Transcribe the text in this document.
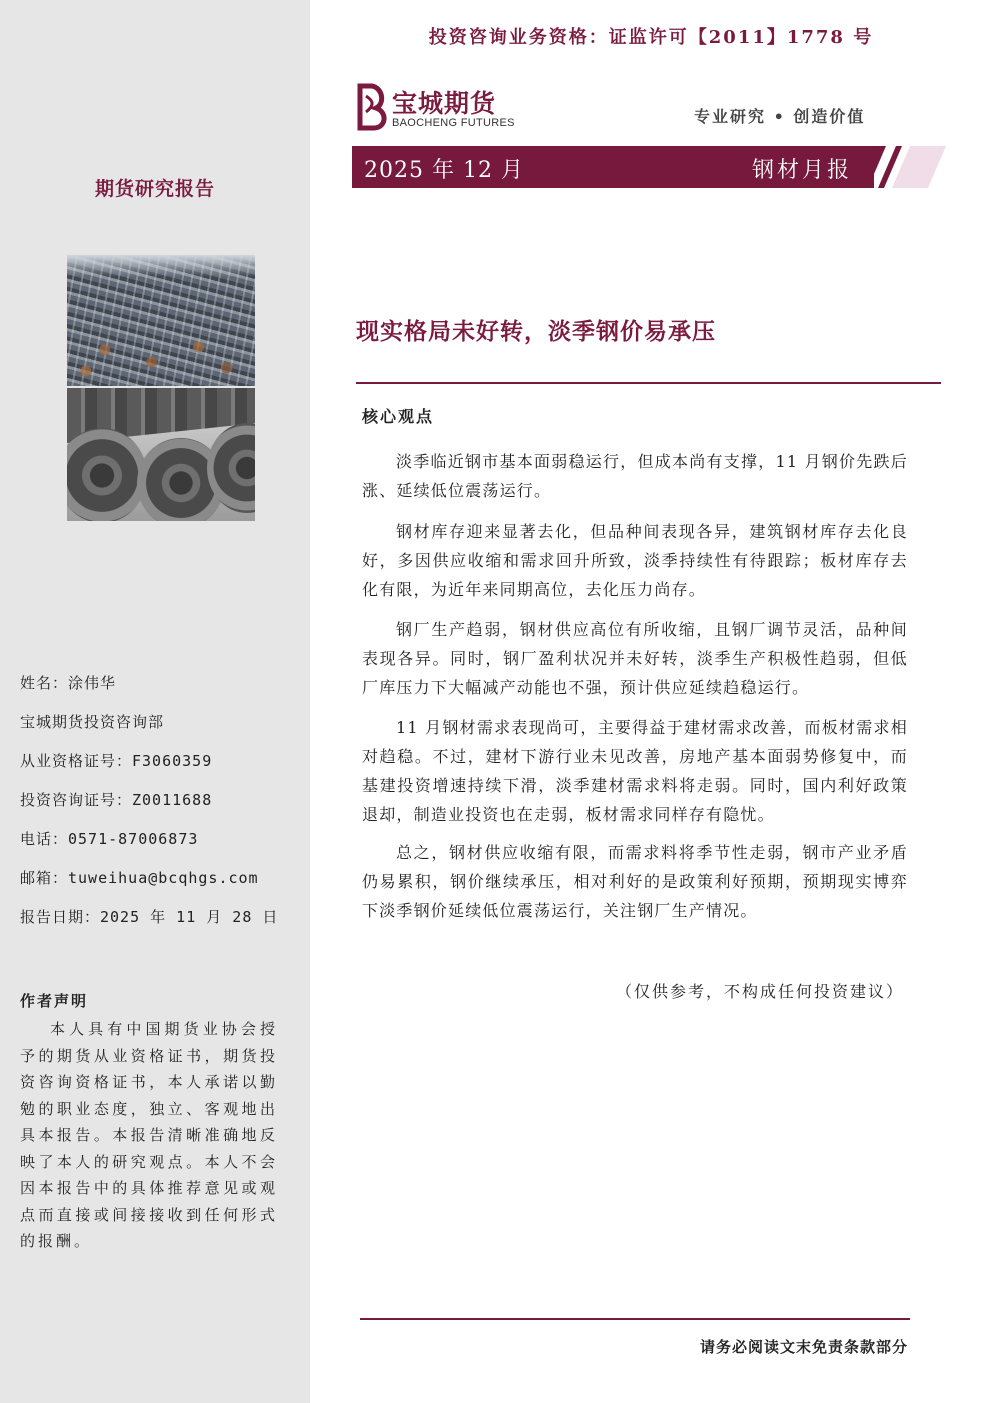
期货研究报告
姓名：涂伟华
宝城期货投资咨询部
从业资格证号：F3060359
投资咨询证号：Z0011688
电话：0571-87006873
邮箱：tuweihua@bcqhgs.com
报告日期：2025 年 11 月 28 日
作者声明
本人具有中国期货业协会授予的期货从业资格证书，期货投资咨询资格证书，本人承诺以勤勉的职业态度，独立、客观地出具本报告。本报告清晰准确地反映了本人的研究观点。本人不会因本报告中的具体推荐意见或观点而直接或间接接收到任何形式的报酬。
投资咨询业务资格：证监许可【2011】1778 号
宝城期货
BAOCHENG FUTURES	专业研究 • 创造价值
2025 年 12 月	钢材月报
现实格局未好转，淡季钢价易承压
核心观点
淡季临近钢市基本面弱稳运行，但成本尚有支撑，11 月钢价先跌后涨、延续低位震荡运行。
钢材库存迎来显著去化，但品种间表现各异，建筑钢材库存去化良好，多因供应收缩和需求回升所致，淡季持续性有待跟踪；板材库存去化有限，为近年来同期高位，去化压力尚存。
钢厂生产趋弱，钢材供应高位有所收缩，且钢厂调节灵活，品种间表现各异。同时，钢厂盈利状况并未好转，淡季生产积极性趋弱，但低厂库压力下大幅减产动能也不强，预计供应延续趋稳运行。
11 月钢材需求表现尚可，主要得益于建材需求改善，而板材需求相对趋稳。不过，建材下游行业未见改善，房地产基本面弱势修复中，而基建投资增速持续下滑，淡季建材需求料将走弱。同时，国内利好政策退却，制造业投资也在走弱，板材需求同样存有隐忧。
总之，钢材供应收缩有限，而需求料将季节性走弱，钢市产业矛盾仍易累积，钢价继续承压，相对利好的是政策利好预期，预期现实博弈下淡季钢价延续低位震荡运行，关注钢厂生产情况。
（仅供参考，不构成任何投资建议）
请务必阅读文末免责条款部分
